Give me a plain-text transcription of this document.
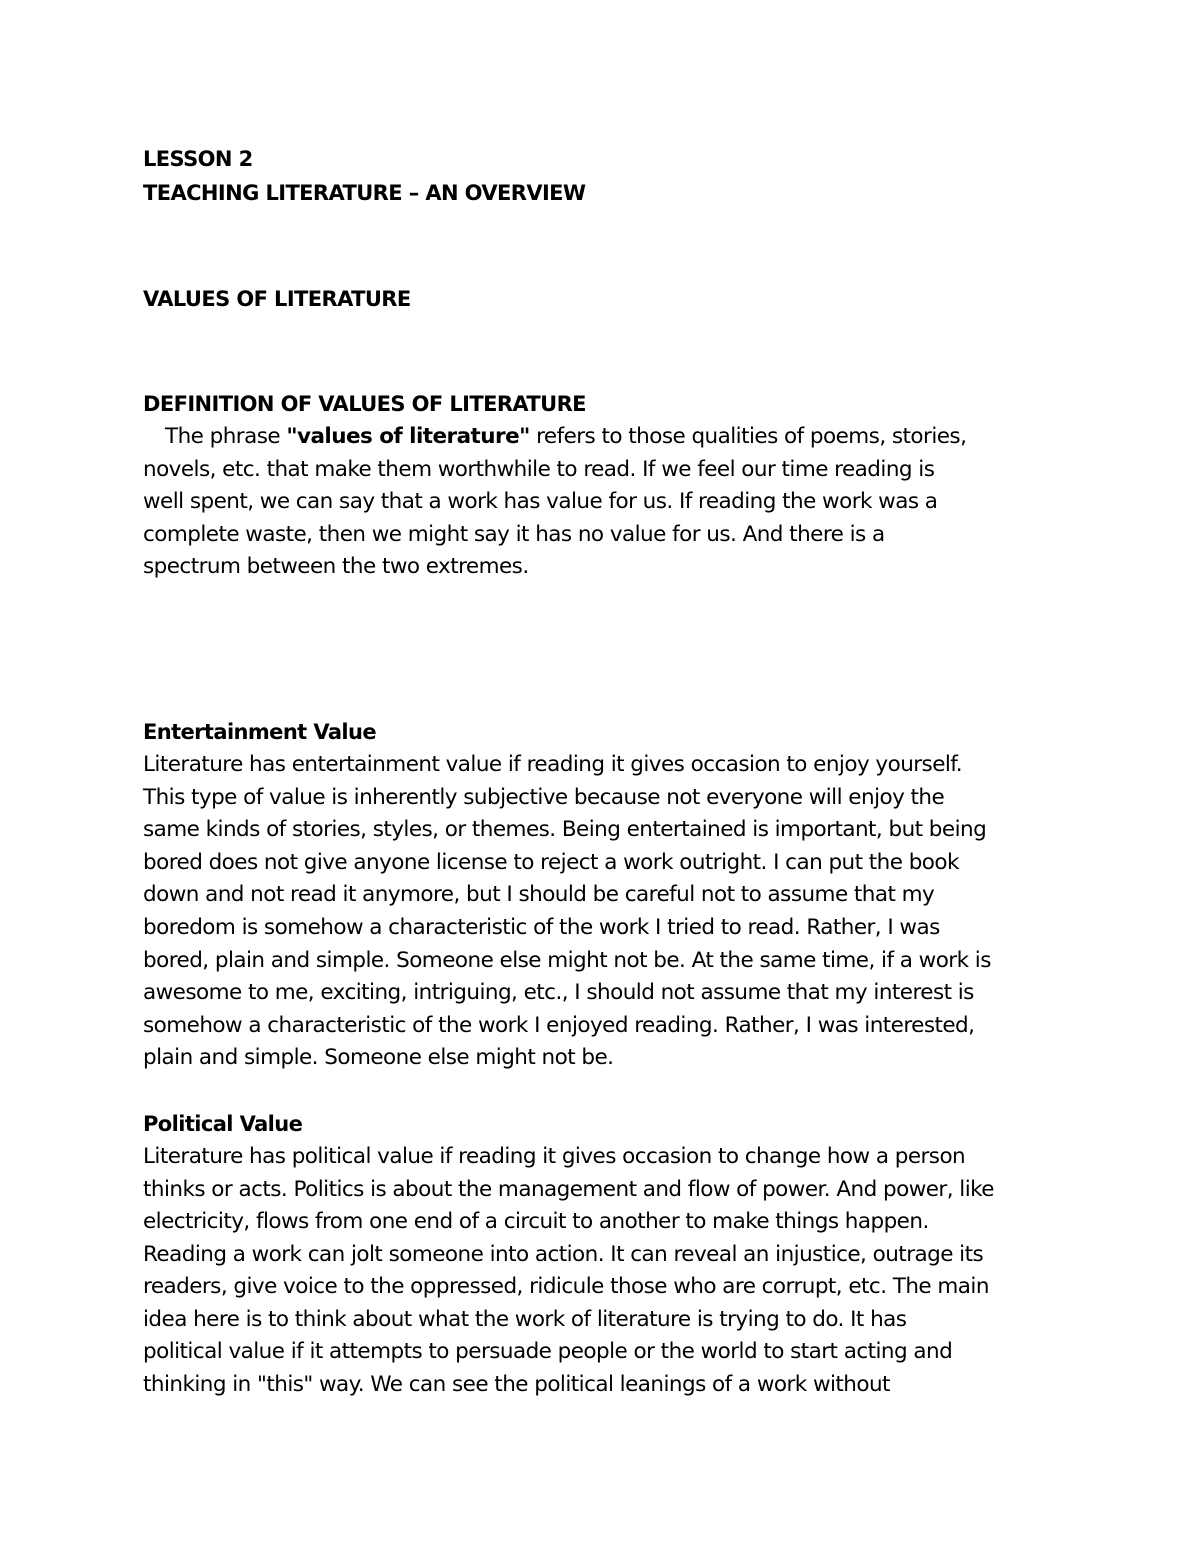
LESSON 2
TEACHING LITERATURE – AN OVERVIEW
VALUES OF LITERATURE
DEFINITION OF VALUES OF LITERATURE
The phrase "values of literature" refers to those qualities of poems, stories,
novels, etc. that make them worthwhile to read. If we feel our time reading is
well spent, we can say that a work has value for us. If reading the work was a
complete waste, then we might say it has no value for us. And there is a
spectrum between the two extremes.
Entertainment Value
Literature has entertainment value if reading it gives occasion to enjoy yourself.
This type of value is inherently subjective because not everyone will enjoy the
same kinds of stories, styles, or themes. Being entertained is important, but being
bored does not give anyone license to reject a work outright. I can put the book
down and not read it anymore, but I should be careful not to assume that my
boredom is somehow a characteristic of the work I tried to read. Rather, I was
bored, plain and simple. Someone else might not be. At the same time, if a work is
awesome to me, exciting, intriguing, etc., I should not assume that my interest is
somehow a characteristic of the work I enjoyed reading. Rather, I was interested,
plain and simple. Someone else might not be.
Political Value
Literature has political value if reading it gives occasion to change how a person
thinks or acts. Politics is about the management and flow of power. And power, like
electricity, flows from one end of a circuit to another to make things happen.
Reading a work can jolt someone into action. It can reveal an injustice, outrage its
readers, give voice to the oppressed, ridicule those who are corrupt, etc. The main
idea here is to think about what the work of literature is trying to do. It has
political value if it attempts to persuade people or the world to start acting and
thinking in "this" way. We can see the political leanings of a work without
